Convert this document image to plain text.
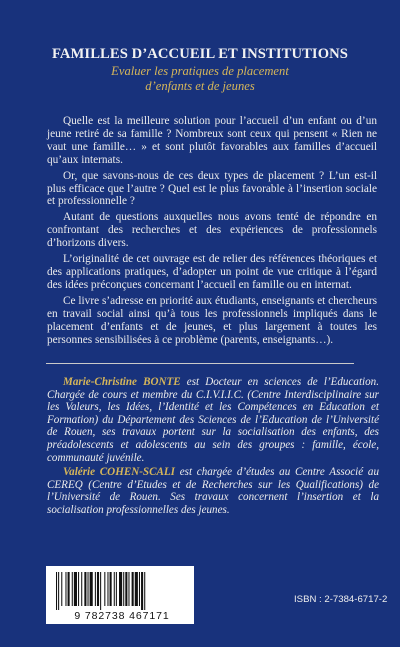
FAMILLES D’ACCUEIL ET INSTITUTIONS
Evaluer les pratiques de placement
d’enfants et de jeunes

Quelle est la meilleure solution pour l’accueil d’un enfant ou d’un jeune retiré de sa famille ? Nombreux sont ceux qui pensent « Rien ne vaut une famille… » et sont plutôt favorables aux familles d’accueil qu’aux internats.

Or, que savons-nous de ces deux types de placement ? L’un est-il plus efficace que l’autre ? Quel est le plus favorable à l’insertion sociale et professionnelle ?

Autant de questions auxquelles nous avons tenté de répondre en confrontant des recherches et des expériences de professionnels d’horizons divers.

L’originalité de cet ouvrage est de relier des références théoriques et des applications pratiques, d’adopter un point de vue critique à l’égard des idées préconçues concernant l’accueil en famille ou en internat.

Ce livre s’adresse en priorité aux étudiants, enseignants et chercheurs en travail social ainsi qu’à tous les professionnels impliqués dans le placement d’enfants et de jeunes, et plus largement à toutes les personnes sensibilisées à ce problème (parents, enseignants…).

Marie-Christine BONTE est Docteur en sciences de l’Education. Chargée de cours et membre du C.I.V.I.I.C. (Centre Interdisciplinaire sur les Valeurs, les Idées, l’Identité et les Compétences en Education et Formation) du Département des Sciences de l’Education de l’Université de Rouen, ses travaux portent sur la socialisation des enfants, des préadolescents et adolescents au sein des groupes : famille, école, communauté juvénile.

Valérie COHEN-SCALI est chargée d’études au Centre Associé au CEREQ (Centre d’Etudes et de Recherches sur les Qualifications) de l’Université de Rouen. Ses travaux concernent l’insertion et la socialisation professionnelles des jeunes.

9 782738 467171
ISBN : 2-7384-6717-2
